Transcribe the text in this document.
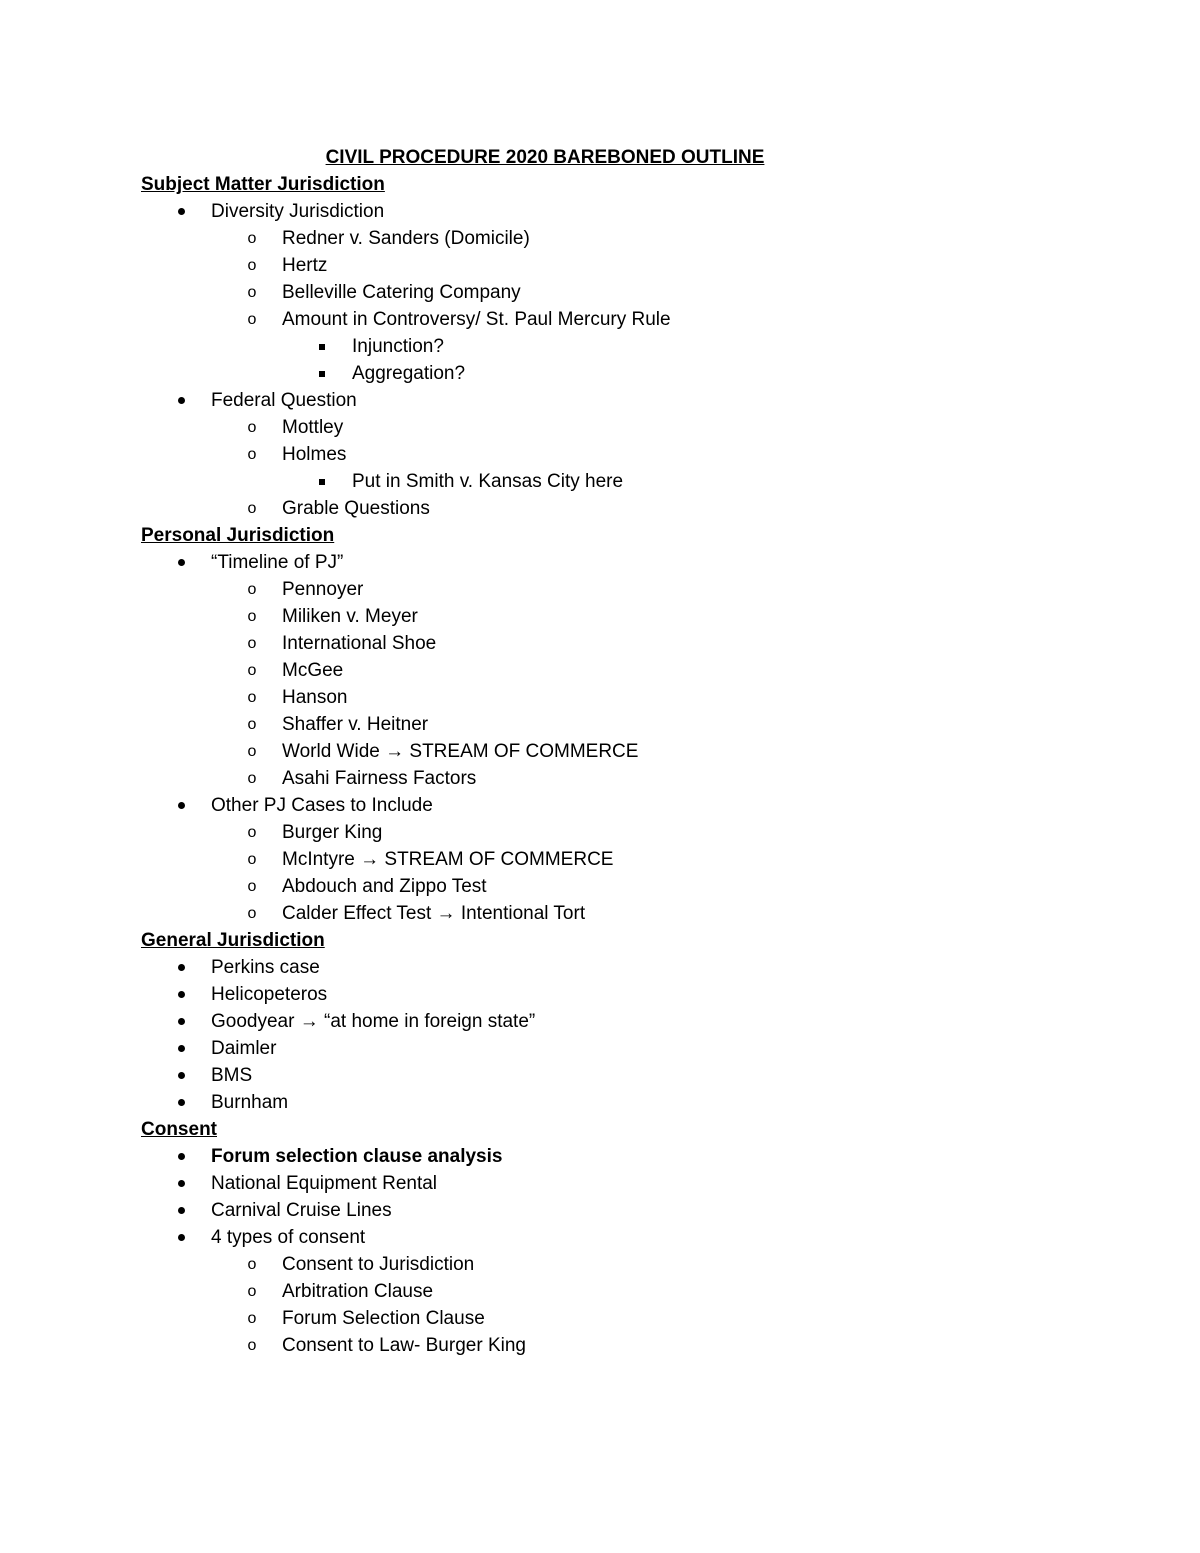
CIVIL PROCEDURE 2020 BAREBONED OUTLINE
Subject Matter Jurisdiction
Diversity Jurisdiction
o Redner v. Sanders (Domicile)
o Hertz
o Belleville Catering Company
o Amount in Controversy/ St. Paul Mercury Rule
Injunction?
Aggregation?
Federal Question
o Mottley
o Holmes
Put in Smith v. Kansas City here
o Grable Questions
Personal Jurisdiction
“Timeline of PJ”
o Pennoyer
o Miliken v. Meyer
o International Shoe
o McGee
o Hanson
o Shaffer v. Heitner
o World Wide → STREAM OF COMMERCE
o Asahi Fairness Factors
Other PJ Cases to Include
o Burger King
o McIntyre → STREAM OF COMMERCE
o Abdouch and Zippo Test
o Calder Effect Test → Intentional Tort
General Jurisdiction
Perkins case
Helicopeteros
Goodyear → “at home in foreign state”
Daimler
BMS
Burnham
Consent
Forum selection clause analysis
National Equipment Rental
Carnival Cruise Lines
4 types of consent
o Consent to Jurisdiction
o Arbitration Clause
o Forum Selection Clause
o Consent to Law- Burger King
